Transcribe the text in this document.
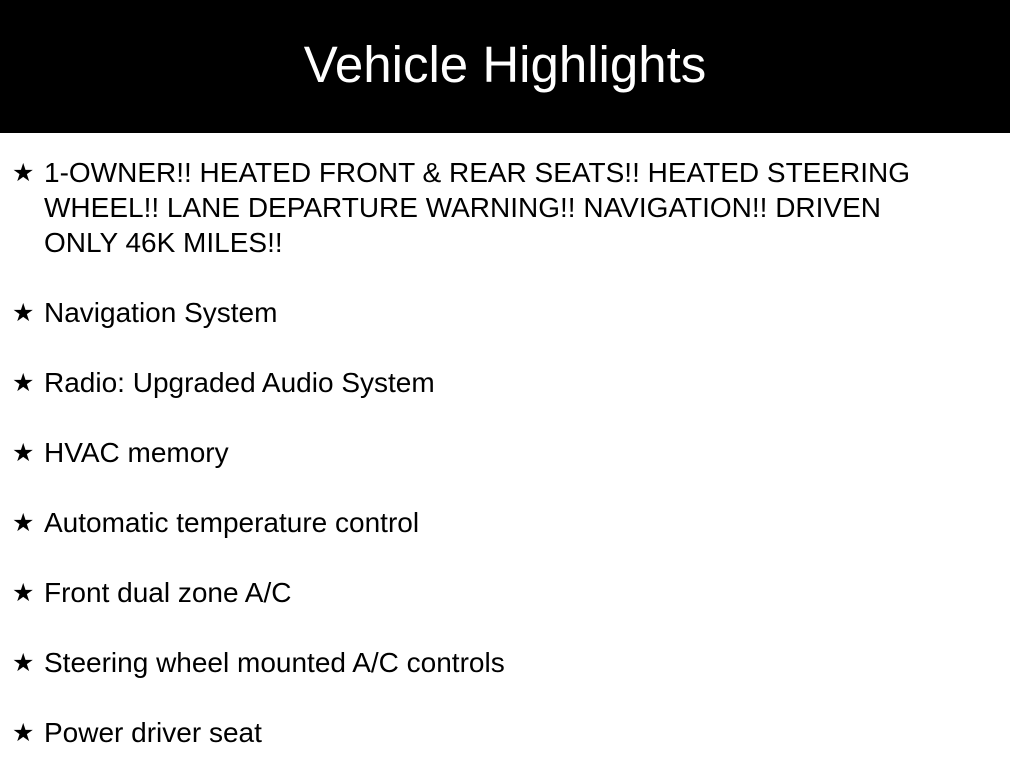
Vehicle Highlights
★ 1-OWNER!! HEATED FRONT & REAR SEATS!! HEATED STEERING WHEEL!! LANE DEPARTURE WARNING!! NAVIGATION!! DRIVEN ONLY 46K MILES!!
★ Navigation System
★ Radio: Upgraded Audio System
★ HVAC memory
★ Automatic temperature control
★ Front dual zone A/C
★ Steering wheel mounted A/C controls
★ Power driver seat
